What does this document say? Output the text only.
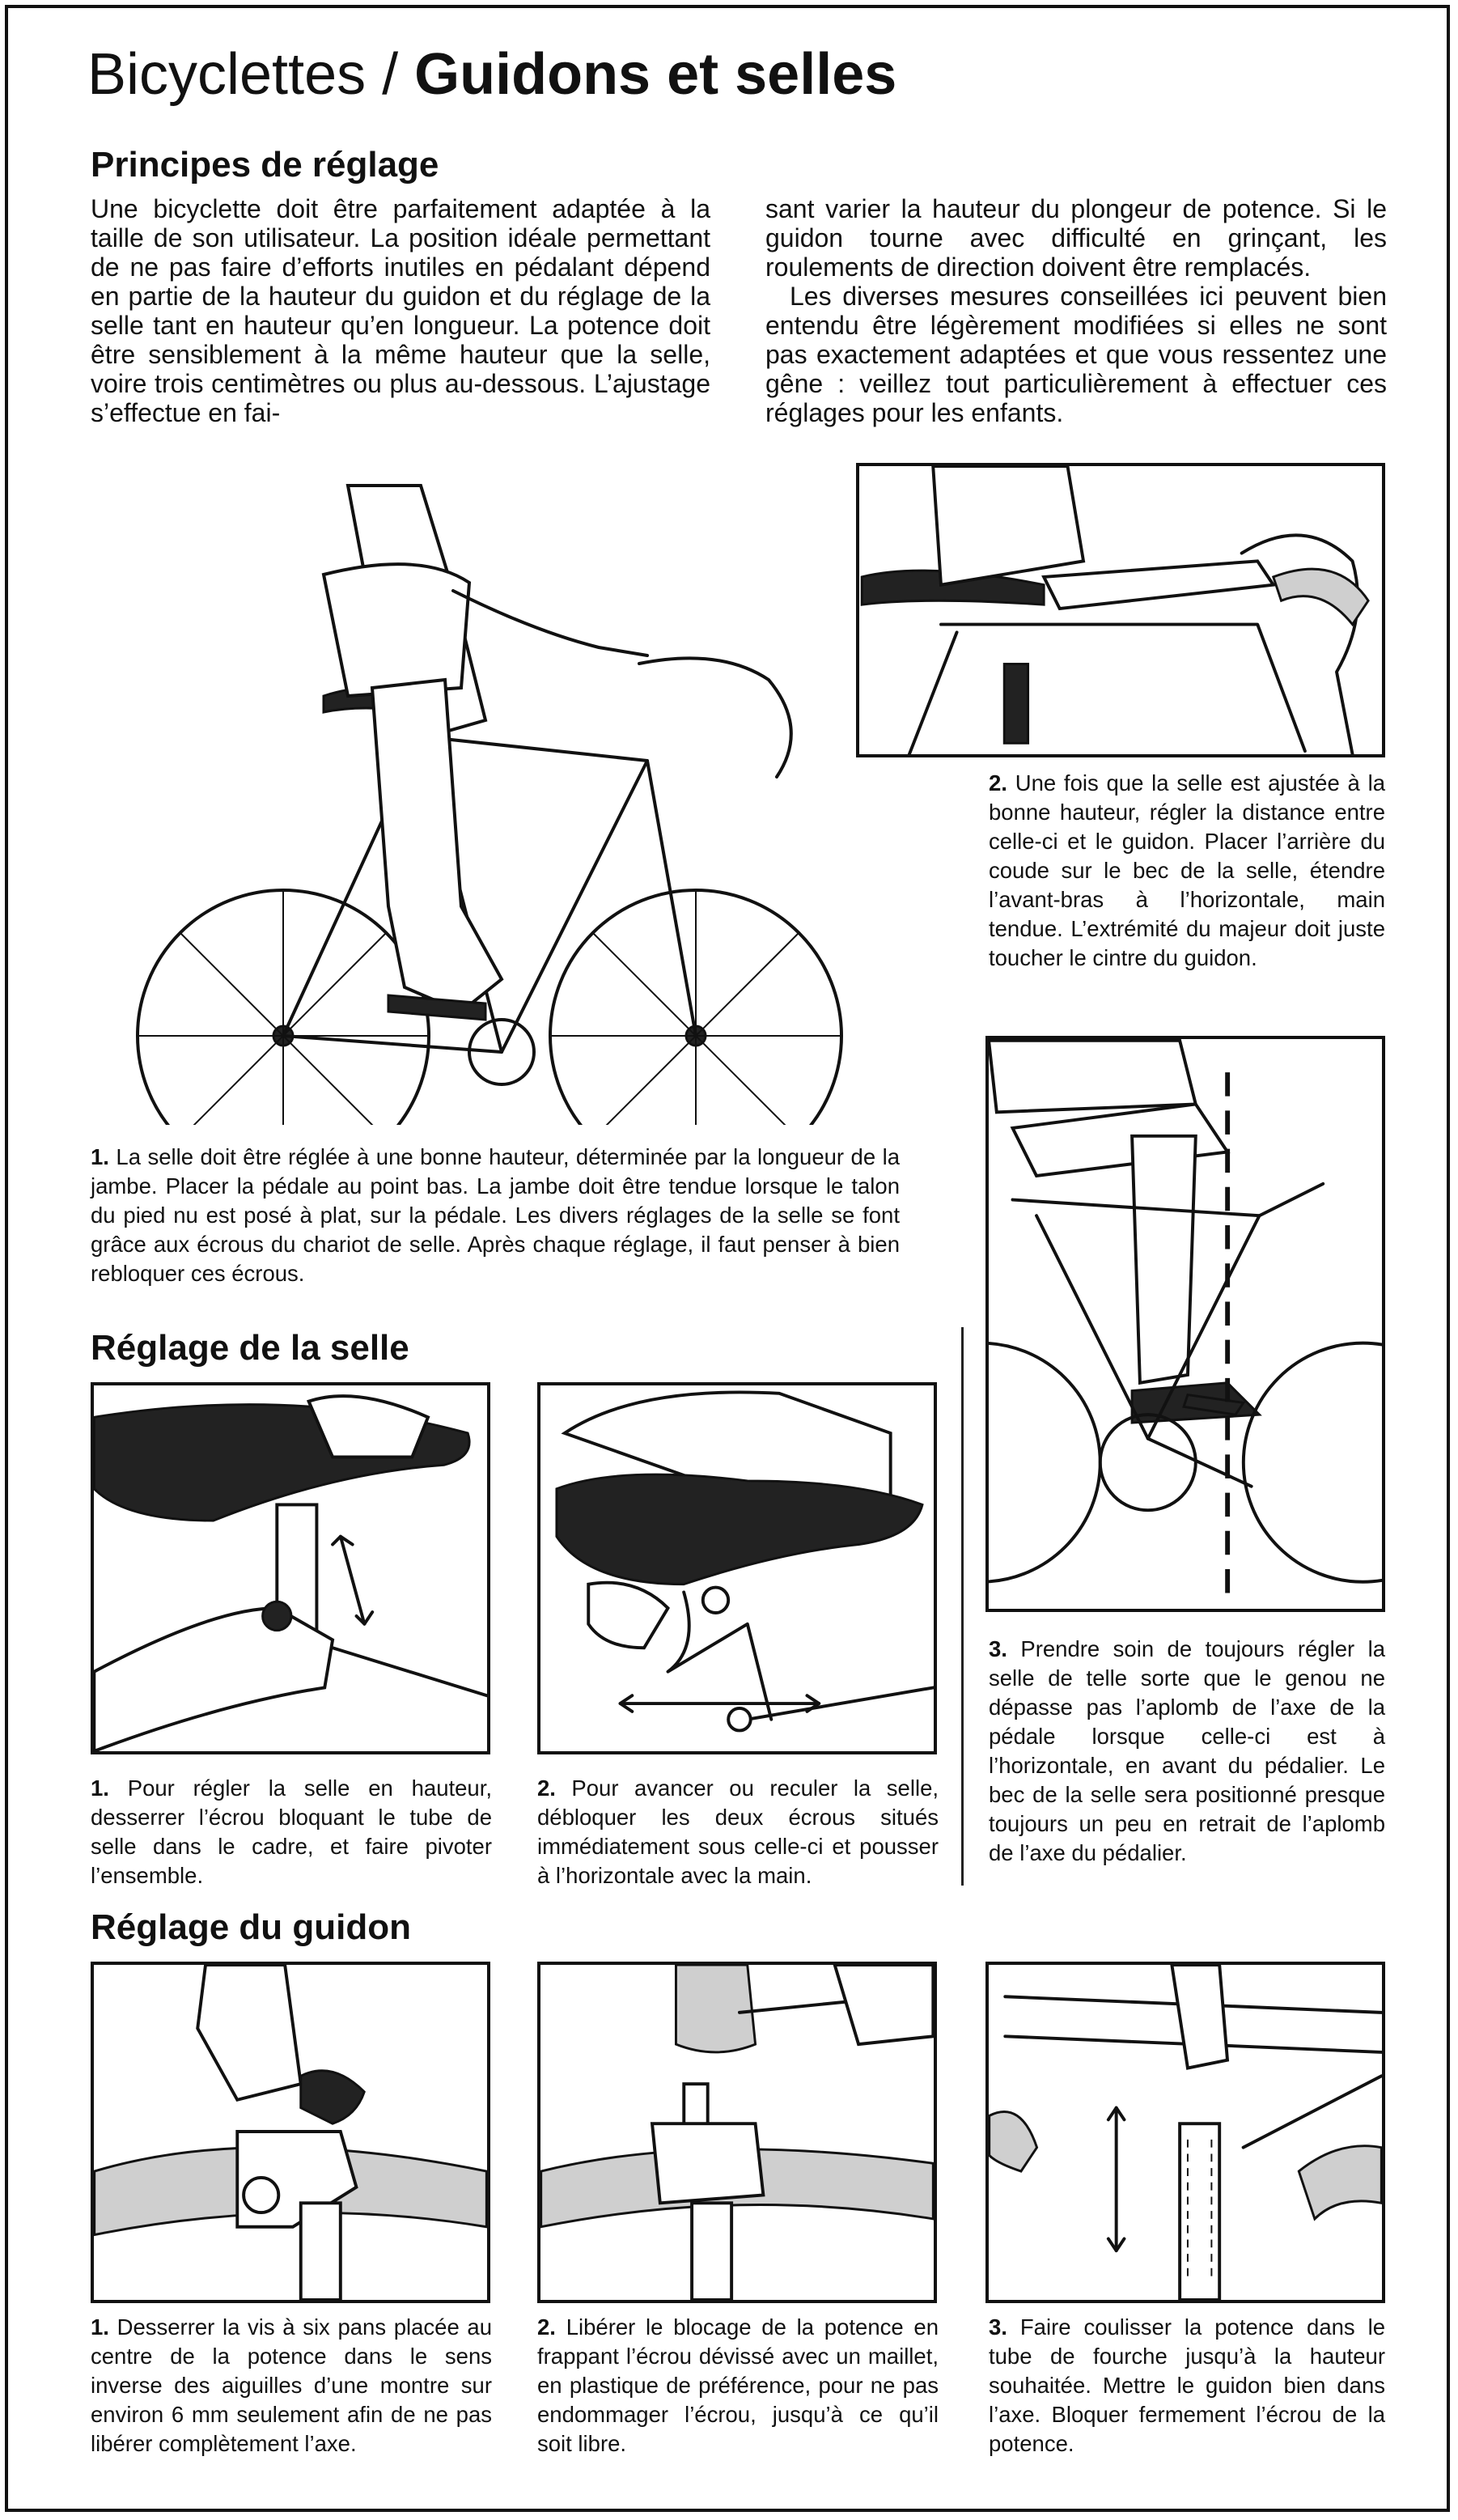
Bicyclettes / Guidons et selles
Principes de réglage

Une bicyclette doit être parfaitement adaptée à la taille de son utilisateur. La position idéale permettant de ne pas faire d’efforts inutiles en pédalant dépend en partie de la hauteur du guidon et du réglage de la selle tant en hauteur qu’en longueur. La potence doit être sensiblement à la même hauteur que la selle, voire trois centimètres ou plus au-dessous. L’ajustage s’effectue en fai-

sant varier la hauteur du plongeur de potence. Si le guidon tourne avec difficulté en grinçant, les roulements de direction doivent être remplacés.

Les diverses mesures conseillées ici peuvent bien entendu être légèrement modifiées si elles ne sont pas exactement adaptées et que vous ressentez une gêne : veillez tout particulièrement à effectuer ces réglages pour les enfants.

2. Une fois que la selle est ajustée à la bonne hauteur, régler la distance entre celle-ci et le guidon. Placer l’arrière du coude sur le bec de la selle, étendre l’avant-bras à l’horizontale, main tendue. L’extrémité du majeur doit juste toucher le cintre du guidon.

1. La selle doit être réglée à une bonne hauteur, déterminée par la longueur de la jambe. Placer la pédale au point bas. La jambe doit être tendue lorsque le talon du pied nu est posé à plat, sur la pédale. Les divers réglages de la selle se font grâce aux écrous du chariot de selle. Après chaque réglage, il faut penser à bien rebloquer ces écrous.

3. Prendre soin de toujours régler la selle de telle sorte que le genou ne dépasse pas l’aplomb de l’axe de la pédale lorsque celle-ci est à l’horizontale, en avant du pédalier. Le bec de la selle sera positionné presque toujours un peu en retrait de l’aplomb de l’axe du pédalier.

Réglage de la selle

1. Pour régler la selle en hauteur, desserrer l’écrou bloquant le tube de selle dans le cadre, et faire pivoter l’ensemble.

2. Pour avancer ou reculer la selle, débloquer les deux écrous situés immédiatement sous celle-ci et pousser à l’horizontale avec la main.

Réglage du guidon

1. Desserrer la vis à six pans placée au centre de la potence dans le sens inverse des aiguilles d’une montre sur environ 6 mm seulement afin de ne pas libérer complètement l’axe.

2. Libérer le blocage de la potence en frappant l’écrou dévissé avec un maillet, en plastique de préférence, pour ne pas endommager l’écrou, jusqu’à ce qu’il soit libre.

3. Faire coulisser la potence dans le tube de fourche jusqu’à la hauteur souhaitée. Mettre le guidon bien dans l’axe. Bloquer fermement l’écrou de la potence.
